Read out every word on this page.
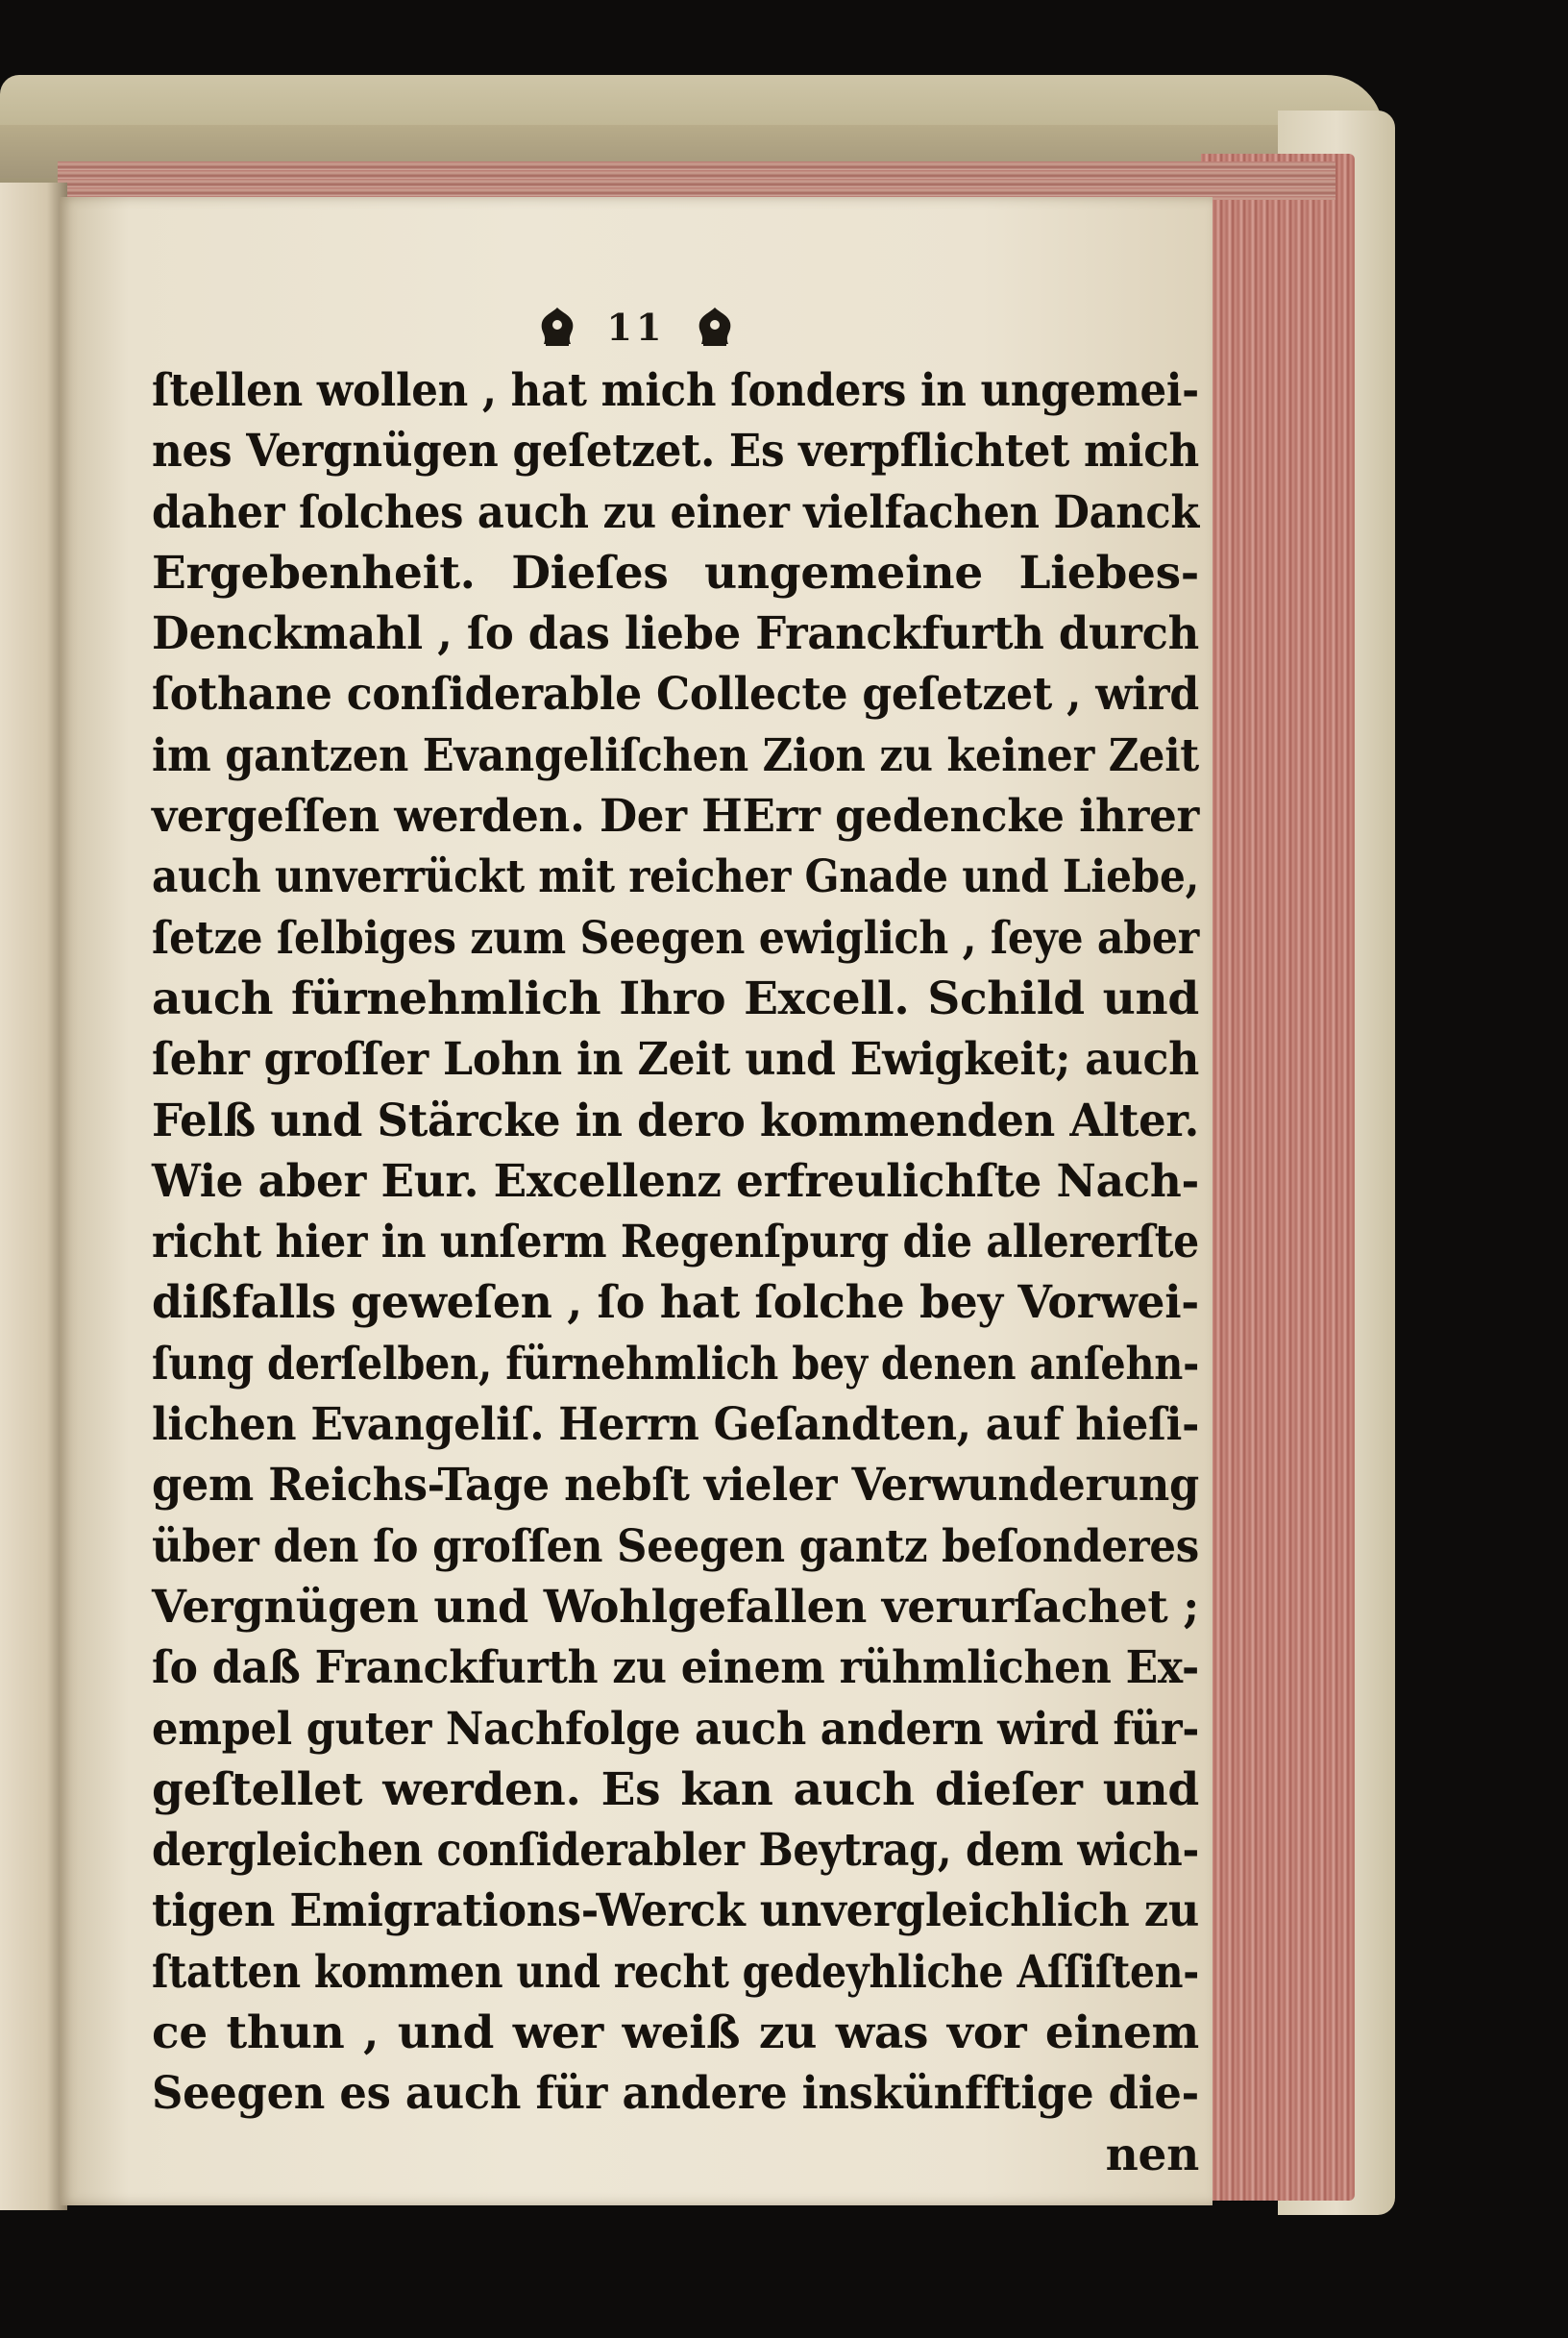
11
ſtellen wollen , hat mich ſonders in ungemei-
nes Vergnügen geſetzet. Es verpflichtet mich
daher ſolches auch zu einer vielfachen Danck
Ergebenheit. Dieſes ungemeine Liebes-
Denckmahl , ſo das liebe Franckfurth durch
ſothane conſiderable Collecte geſetzet , wird
im gantzen Evangeliſchen Zion zu keiner Zeit
vergeſſen werden. Der HErr gedencke ihrer
auch unverrückt mit reicher Gnade und Liebe,
ſetze ſelbiges zum Seegen ewiglich , ſeye aber
auch fürnehmlich Ihro Excell. Schild und
ſehr groſſer Lohn in Zeit und Ewigkeit; auch
Felß und Stärcke in dero kommenden Alter.
Wie aber Eur. Excellenz erfreulichſte Nach-
richt hier in unſerm Regenſpurg die allererſte
dißfalls geweſen , ſo hat ſolche bey Vorwei-
ſung derſelben, fürnehmlich bey denen anſehn-
lichen Evangeliſ. Herrn Geſandten, auf hieſi-
gem Reichs-Tage nebſt vieler Verwunderung
über den ſo groſſen Seegen gantz beſonderes
Vergnügen und Wohlgefallen verurſachet ;
ſo daß Franckfurth zu einem rühmlichen Ex-
empel guter Nachfolge auch andern wird für-
geſtellet werden. Es kan auch dieſer und
dergleichen conſiderabler Beytrag, dem wich-
tigen Emigrations-Werck unvergleichlich zu
ſtatten kommen und recht gedeyhliche Aſſiſten-
ce thun , und wer weiß zu was vor einem
Seegen es auch für andere inskünfftige die-
nen
